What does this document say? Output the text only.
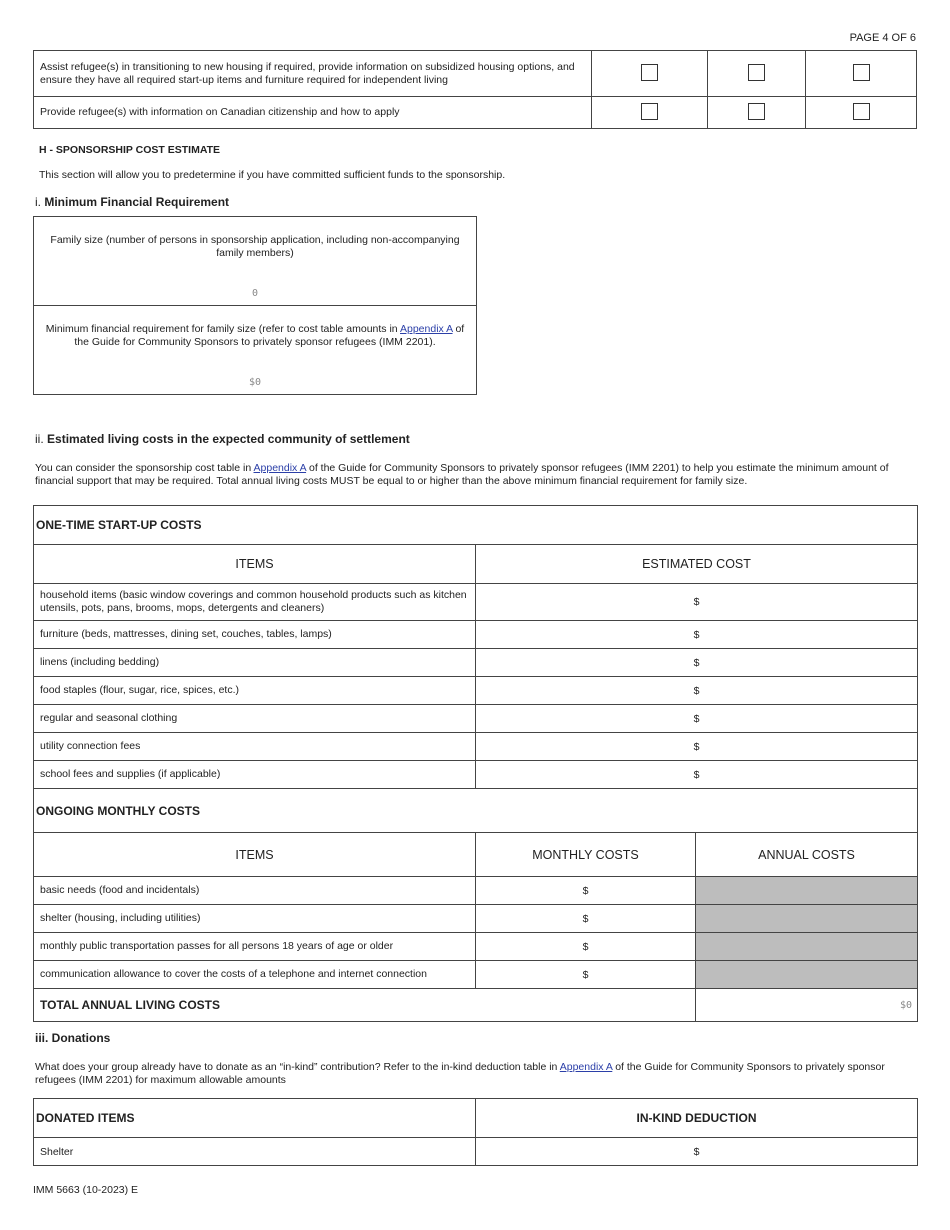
PAGE 4 OF 6
Assist refugee(s) in transitioning to new housing if required, provide information on subsidized housing options, and ensure they have all required start-up items and furniture required for independent living			
Provide refugee(s) with information on Canadian citizenship and how to apply			
H - SPONSORSHIP COST ESTIMATE
This section will allow you to predetermine if you have committed sufficient funds to the sponsorship.
i. Minimum Financial Requirement
Family size (number of persons in sponsorship application, including non-accompanying family members)
0
Minimum financial requirement for family size (refer to cost table amounts in Appendix A of the Guide for Community Sponsors to privately sponsor refugees (IMM 2201).
$0
ii. Estimated living costs in the expected community of settlement
You can consider the sponsorship cost table in Appendix A of the Guide for Community Sponsors to privately sponsor refugees (IMM 2201) to help you estimate the minimum amount of financial support that may be required. Total annual living costs MUST be equal to or higher than the above minimum financial requirement for family size.
ONE-TIME START-UP COSTS		
ITEMS	ESTIMATED COST	
household items (basic window coverings and common household products such as kitchen utensils, pots, pans, brooms, mops, detergents and cleaners)	$	
furniture (beds, mattresses, dining set, couches, tables, lamps)	$	
linens (including bedding)	$	
food staples (flour, sugar, rice, spices, etc.)	$	
regular and seasonal clothing	$	
utility connection fees	$	
school fees and supplies (if applicable)	$	
ONGOING MONTHLY COSTS		
ITEMS	MONTHLY COSTS	ANNUAL COSTS
basic needs (food and incidentals)	$	
shelter (housing, including utilities)	$	
monthly public transportation passes for all persons 18 years of age or older	$	
communication allowance to cover the costs of a telephone and internet connection	$	
TOTAL ANNUAL LIVING COSTS		$0
iii. Donations
What does your group already have to donate as an “in-kind” contribution? Refer to the in-kind deduction table in Appendix A of the Guide for Community Sponsors to privately sponsor refugees (IMM 2201) for maximum allowable amounts
DONATED ITEMS	IN-KIND DEDUCTION
Shelter	$
IMM 5663 (10-2023) E
